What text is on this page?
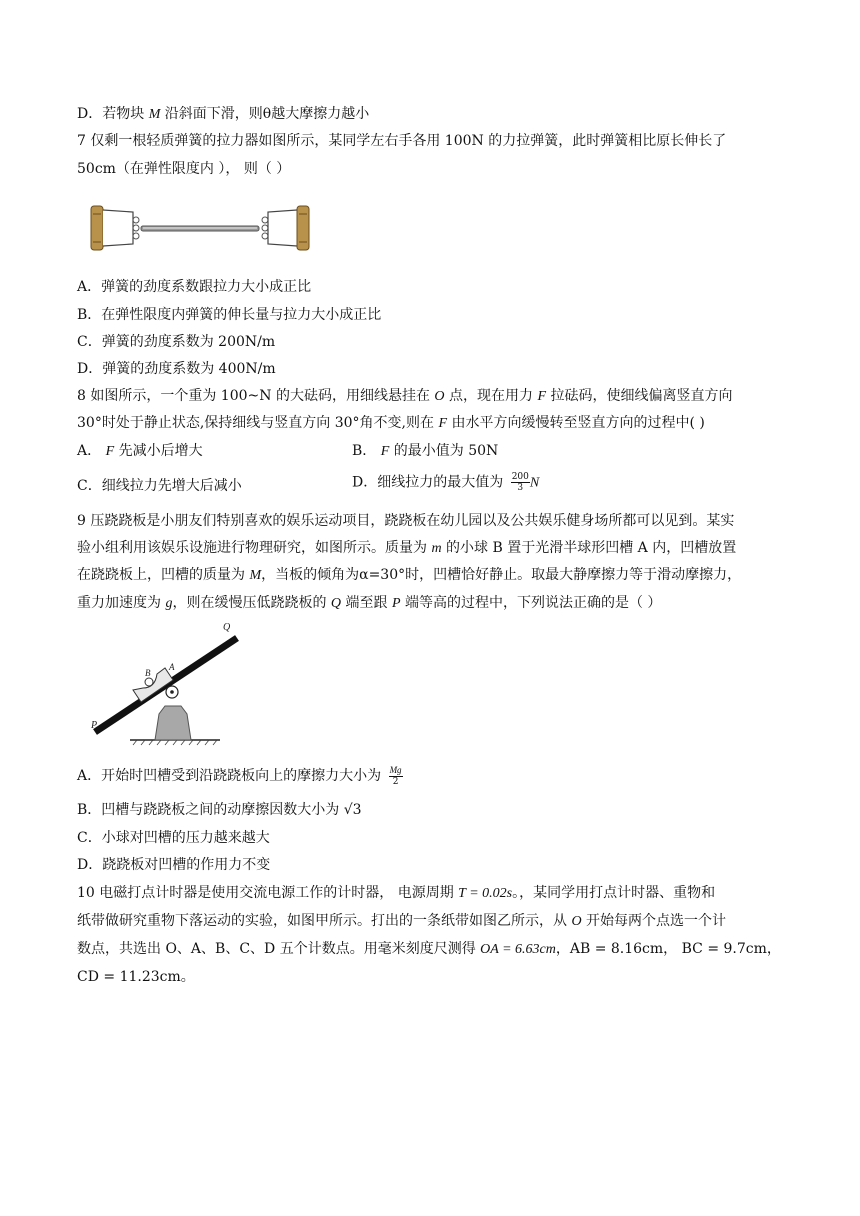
D．若物块 M 沿斜面下滑，则θ越大摩擦力越小
7 仅剩一根轻质弹簧的拉力器如图所示，某同学左右手各用 100N 的力拉弹簧，此时弹簧相比原长伸长了
50cm（在弹性限度内 ）， 则（ ）
A．弹簧的劲度系数跟拉力大小成正比
B．在弹性限度内弹簧的伸长量与拉力大小成正比
C．弹簧的劲度系数为 200N/m
D．弹簧的劲度系数为 400N/m
8 如图所示，一个重为 100~N 的大砝码，用细线悬挂在 O 点，现在用力 F 拉砝码，使细线偏离竖直方向
30°时处于静止状态,保持细线与竖直方向 30°角不变,则在 F 由水平方向缓慢转至竖直方向的过程中( )
A． F 先减小后增大	B． F 的最小值为 50N
C．细线拉力先增大后减小	D．细线拉力的最大值为 $\frac{200}{3}$ N
9 压跷跷板是小朋友们特别喜欢的娱乐运动项目，跷跷板在幼儿园以及公共娱乐健身场所都可以见到。某实
验小组利用该娱乐设施进行物理研究，如图所示。质量为 m 的小球 B 置于光滑半球形凹槽 A 内，凹槽放置
在跷跷板上，凹槽的质量为 M，当板的倾角为α=30°时，凹槽恰好静止。取最大静摩擦力等于滑动摩擦力，
重力加速度为 g，则在缓慢压低跷跷板的 Q 端至跟 P 端等高的过程中，下列说法正确的是（ ）
Q
P
A
B
A．开始时凹槽受到沿跷跷板向上的摩擦力大小为 $\frac{Mg}{2}$
B．凹槽与跷跷板之间的动摩擦因数大小为 √3
C．小球对凹槽的压力越来越大
D．跷跷板对凹槽的作用力不变
10 电磁打点计时器是使用交流电源工作的计时器， 电源周期 T = 0.02s。，某同学用打点计时器、重物和
纸带做研究重物下落运动的实验，如图甲所示。打出的一条纸带如图乙所示，从 O 开始每两个点选一个计
数点，共选出 O、A、B、C、D 五个计数点。用毫米刻度尺测得 OA = 6.63cm，AB = 8.16cm， BC = 9.7cm，
CD = 11.23cm。
